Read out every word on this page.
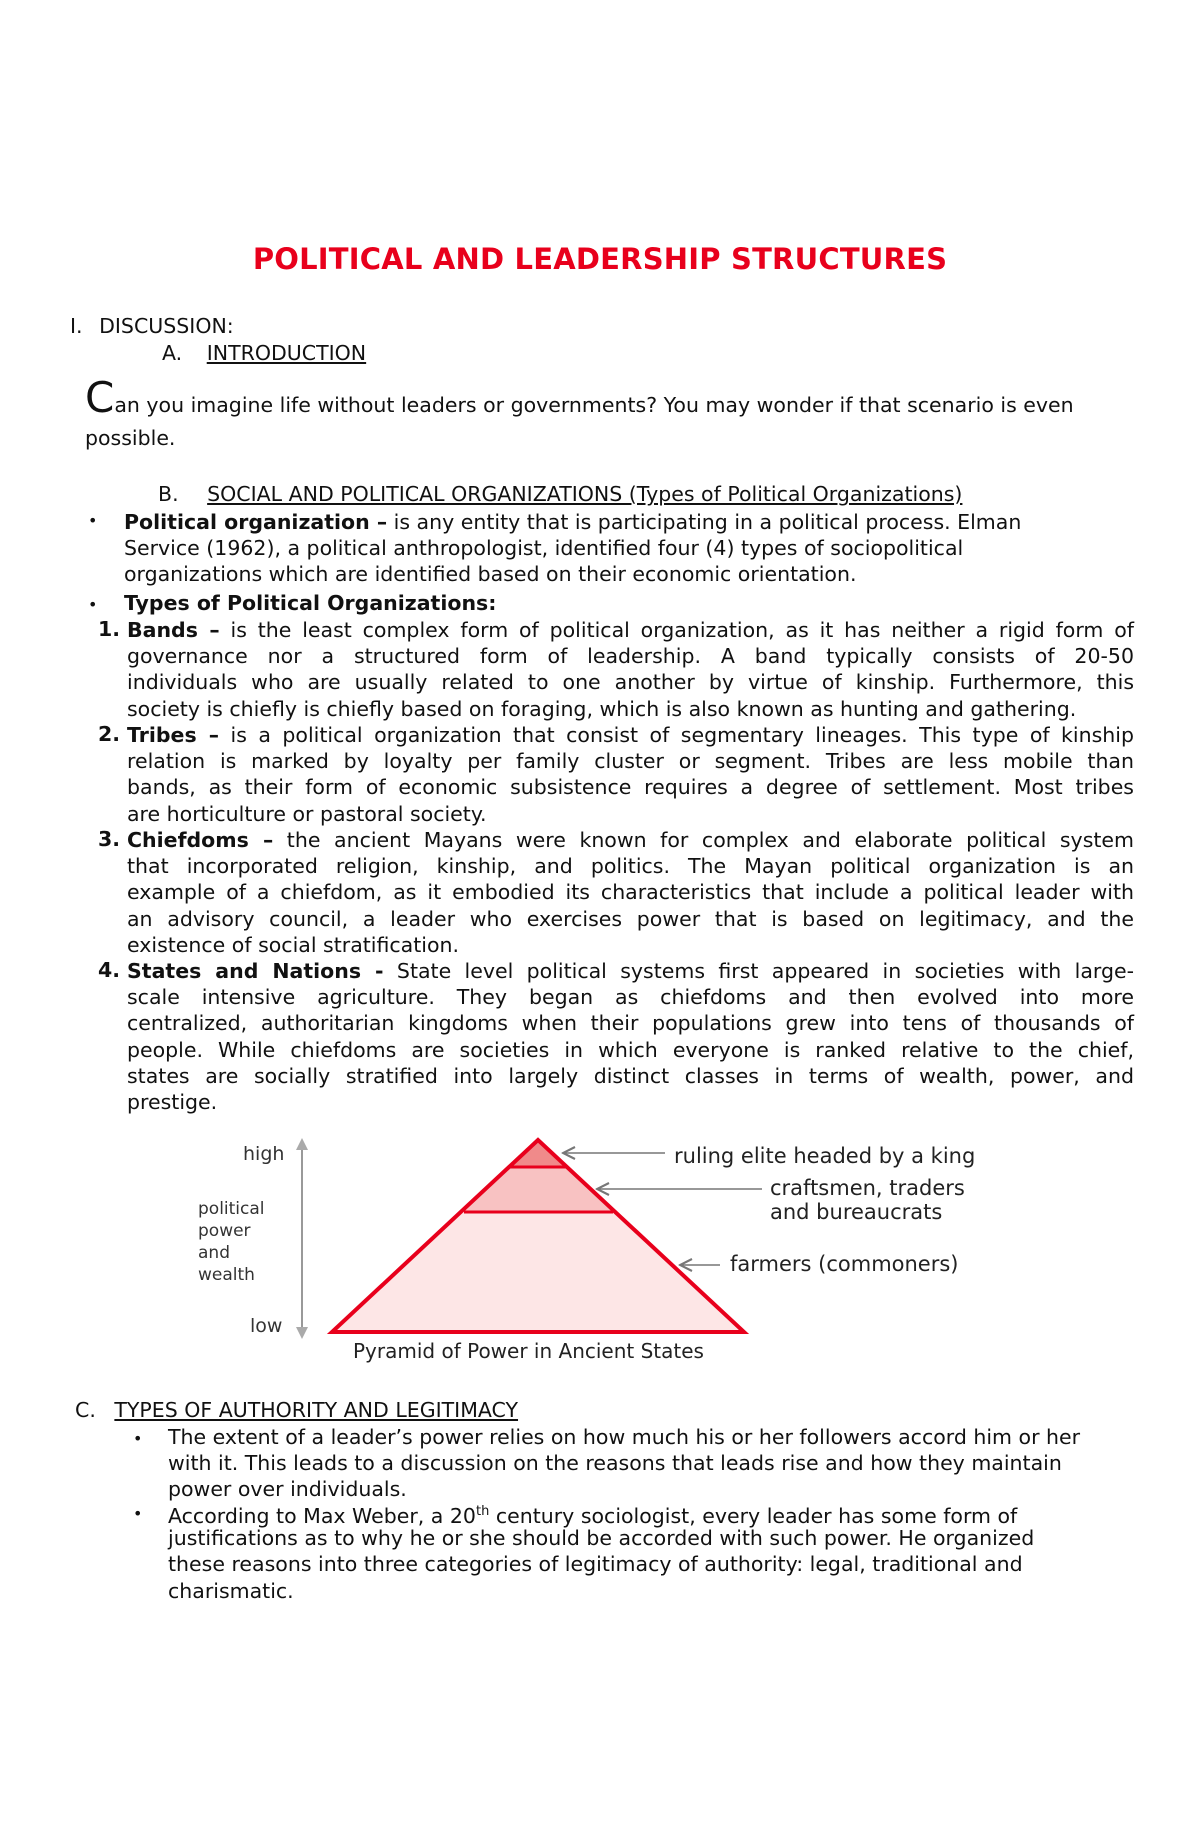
POLITICAL AND LEADERSHIP STRUCTURES
I. DISCUSSION:
A. INTRODUCTION
Can you imagine life without leaders or governments? You may wonder if that scenario is even
possible.
B. SOCIAL AND POLITICAL ORGANIZATIONS (Types of Political Organizations)
• Political organization – is any entity that is participating in a political process. Elman
Service (1962), a political anthropologist, identified four (4) types of sociopolitical
organizations which are identified based on their economic orientation.
• Types of Political Organizations:
1. Bands – is the least complex form of political organization, as it has neither a rigid form of
governance nor a structured form of leadership. A band typically consists of 20-50
individuals who are usually related to one another by virtue of kinship. Furthermore, this
society is chiefly is chiefly based on foraging, which is also known as hunting and gathering.
2. Tribes – is a political organization that consist of segmentary lineages. This type of kinship
relation is marked by loyalty per family cluster or segment. Tribes are less mobile than
bands, as their form of economic subsistence requires a degree of settlement. Most tribes
are horticulture or pastoral society.
3. Chiefdoms – the ancient Mayans were known for complex and elaborate political system
that incorporated religion, kinship, and politics. The Mayan political organization is an
example of a chiefdom, as it embodied its characteristics that include a political leader with
an advisory council, a leader who exercises power that is based on legitimacy, and the
existence of social stratification.
4. States and Nations - State level political systems first appeared in societies with large-
scale intensive agriculture. They began as chiefdoms and then evolved into more
centralized, authoritarian kingdoms when their populations grew into tens of thousands of
people. While chiefdoms are societies in which everyone is ranked relative to the chief,
states are socially stratified into largely distinct classes in terms of wealth, power, and
prestige.
high
political
power
and
wealth
low
ruling elite headed by a king
craftsmen, traders
and bureaucrats
farmers (commoners)
Pyramid of Power in Ancient States
C. TYPES OF AUTHORITY AND LEGITIMACY
• The extent of a leader’s power relies on how much his or her followers accord him or her
with it. This leads to a discussion on the reasons that leads rise and how they maintain
power over individuals.
• According to Max Weber, a 20th century sociologist, every leader has some form of
justifications as to why he or she should be accorded with such power. He organized
these reasons into three categories of legitimacy of authority: legal, traditional and
charismatic.
